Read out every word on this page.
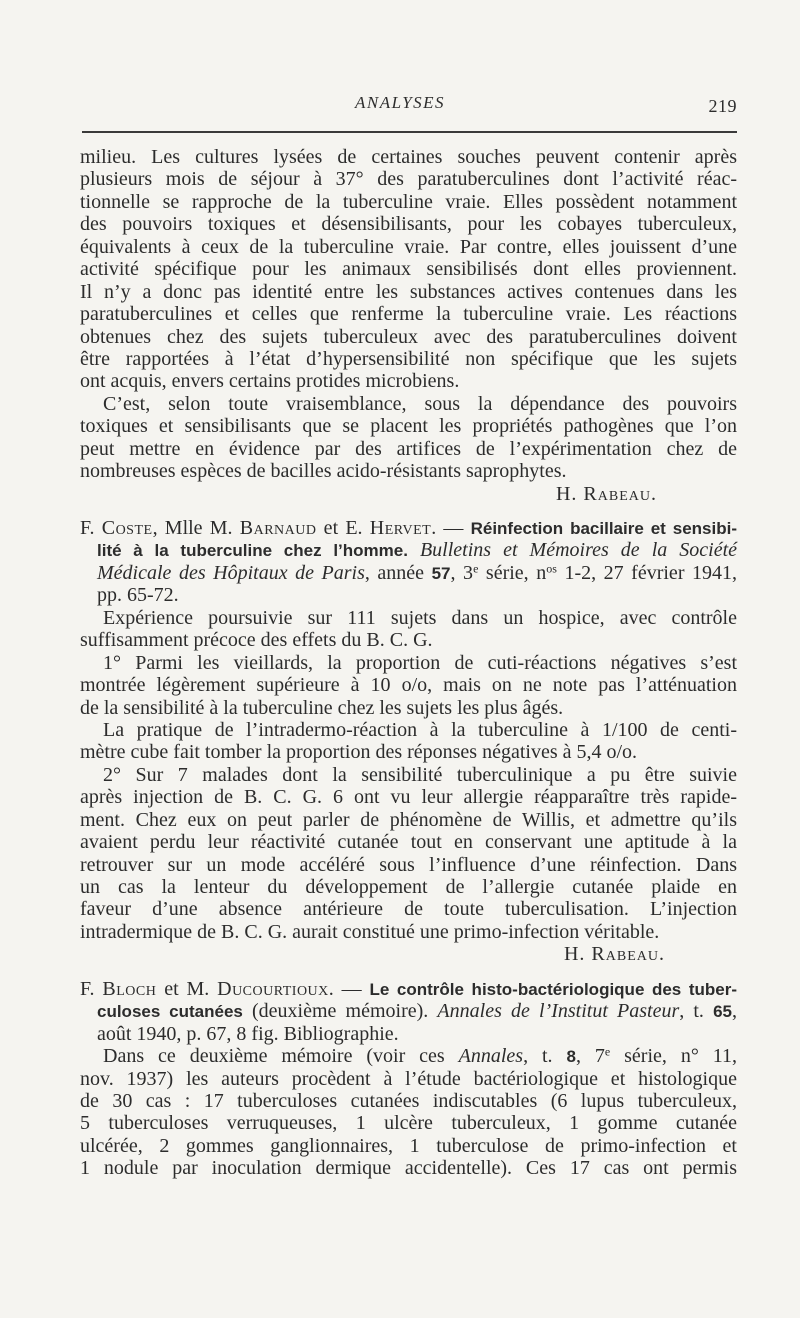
ANALYSES	219
milieu. Les cultures lysées de certaines souches peuvent contenir après
plusieurs mois de séjour à 37° des paratuberculines dont l’activité réac-
tionnelle se rapproche de la tuberculine vraie. Elles possèdent notamment
des pouvoirs toxiques et désensibilisants, pour les cobayes tuberculeux,
équivalents à ceux de la tuberculine vraie. Par contre, elles jouissent d’une
activité spécifique pour les animaux sensibilisés dont elles proviennent.
Il n’y a donc pas identité entre les substances actives contenues dans les
paratuberculines et celles que renferme la tuberculine vraie. Les réactions
obtenues chez des sujets tuberculeux avec des paratuberculines doivent
être rapportées à l’état d’hypersensibilité non spécifique que les sujets
ont acquis, envers certains protides microbiens.
C’est, selon toute vraisemblance, sous la dépendance des pouvoirs
toxiques et sensibilisants que se placent les propriétés pathogènes que l’on
peut mettre en évidence par des artifices de l’expérimentation chez de
nombreuses espèces de bacilles acido-résistants saprophytes.
H. Rabeau.
F. Coste, Mlle M. Barnaud et E. Hervet. — Réinfection bacillaire et sensibi-
lité à la tuberculine chez l’homme. Bulletins et Mémoires de la Société
Médicale des Hôpitaux de Paris, année 57, 3e série, $n^{os}$ 1-2, 27 février 1941,
pp. 65-72.
Expérience poursuivie sur 111 sujets dans un hospice, avec contrôle
suffisamment précoce des effets du B. C. G.
1° Parmi les vieillards, la proportion de cuti-réactions négatives s’est
montrée légèrement supérieure à 10 o/o, mais on ne note pas l’atténuation
de la sensibilité à la tuberculine chez les sujets les plus âgés.
La pratique de l’intradermo-réaction à la tuberculine à 1/100 de centi-
mètre cube fait tomber la proportion des réponses négatives à 5,4 o/o.
2° Sur 7 malades dont la sensibilité tuberculinique a pu être suivie
après injection de B. C. G. 6 ont vu leur allergie réapparaître très rapide-
ment. Chez eux on peut parler de phénomène de Willis, et admettre qu’ils
avaient perdu leur réactivité cutanée tout en conservant une aptitude à la
retrouver sur un mode accéléré sous l’influence d’une réinfection. Dans
un cas la lenteur du développement de l’allergie cutanée plaide en
faveur d’une absence antérieure de toute tuberculisation. L’injection
intradermique de B. C. G. aurait constitué une primo-infection véritable.
H. Rabeau.
F. Bloch et M. Ducourtioux. — Le contrôle histo-bactériologique des tuber-
culoses cutanées (deuxième mémoire). Annales de l’Institut Pasteur, t. 65,
août 1940, p. 67, 8 fig. Bibliographie.
Dans ce deuxième mémoire (voir ces Annales, t. 8, 7e série, n° 11,
nov. 1937) les auteurs procèdent à l’étude bactériologique et histologique
de 30 cas : 17 tuberculoses cutanées indiscutables (6 lupus tuberculeux,
5 tuberculoses verruqueuses, 1 ulcère tuberculeux, 1 gomme cutanée
ulcérée, 2 gommes ganglionnaires, 1 tuberculose de primo-infection et
1 nodule par inoculation dermique accidentelle). Ces 17 cas ont permis
